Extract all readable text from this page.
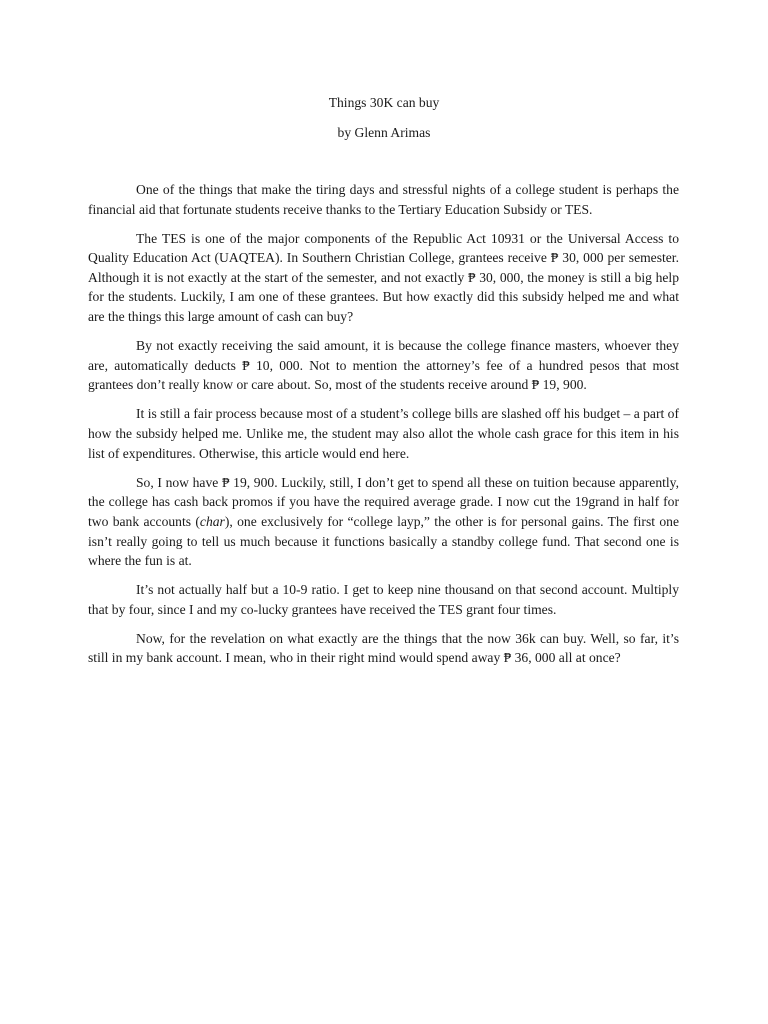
Things 30K can buy
by Glenn Arimas

One of the things that make the tiring days and stressful nights of a college student is perhaps the financial aid that fortunate students receive thanks to the Tertiary Education Subsidy or TES.

The TES is one of the major components of the Republic Act 10931 or the Universal Access to Quality Education Act (UAQTEA). In Southern Christian College, grantees receive ₱ 30, 000 per semester. Although it is not exactly at the start of the semester, and not exactly ₱ 30, 000, the money is still a big help for the students. Luckily, I am one of these grantees. But how exactly did this subsidy helped me and what are the things this large amount of cash can buy?

By not exactly receiving the said amount, it is because the college finance masters, whoever they are, automatically deducts ₱ 10, 000. Not to mention the attorney’s fee of a hundred pesos that most grantees don’t really know or care about. So, most of the students receive around ₱ 19, 900.

It is still a fair process because most of a student’s college bills are slashed off his budget – a part of how the subsidy helped me. Unlike me, the student may also allot the whole cash grace for this item in his list of expenditures. Otherwise, this article would end here.

So, I now have ₱ 19, 900. Luckily, still, I don’t get to spend all these on tuition because apparently, the college has cash back promos if you have the required average grade. I now cut the 19grand in half for two bank accounts (char), one exclusively for “college layp,” the other is for personal gains. The first one isn’t really going to tell us much because it functions basically a standby college fund. That second one is where the fun is at.

It’s not actually half but a 10-9 ratio. I get to keep nine thousand on that second account. Multiply that by four, since I and my co-lucky grantees have received the TES grant four times.

Now, for the revelation on what exactly are the things that the now 36k can buy. Well, so far, it’s still in my bank account. I mean, who in their right mind would spend away ₱ 36, 000 all at once?
